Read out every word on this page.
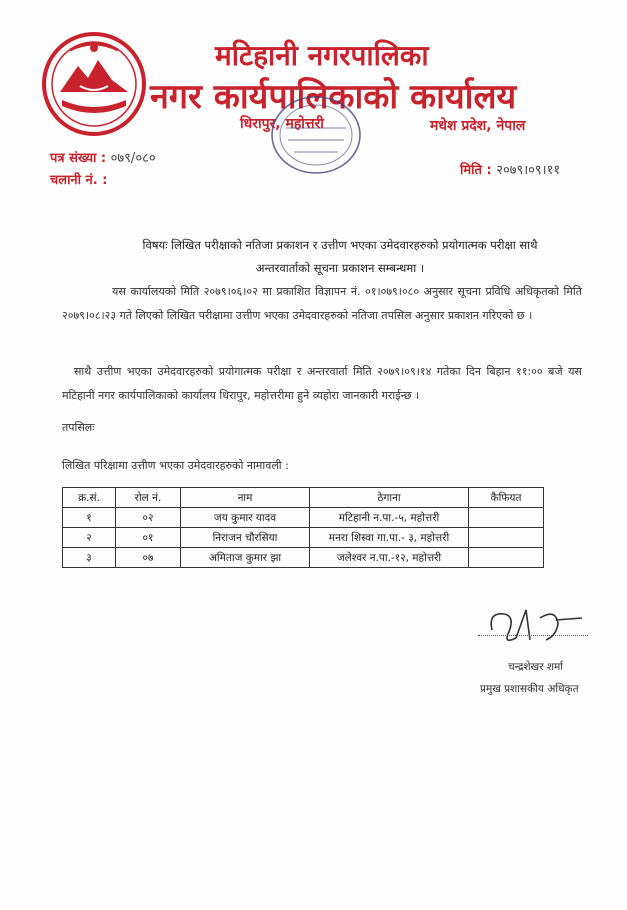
मटिहानी नगरपालिका
नगर कार्यपालिकाको कार्यालय
धिरापुर, महोत्तरी	मधेश प्रदेश, नेपाल
पत्र संख्या : ०७९/०८०
चलानी नं. :
मिति : २०७९।०९।११
विषयः लिखित परीक्षाको नतिजा प्रकाशन र उत्तीण भएका उमेदवारहरुको प्रयोगात्मक परीक्षा साथै
अन्तरवार्ताको सूचना प्रकाशन सम्बन्धमा ।
यस कार्यालयको मिति २०७९।०६।०२ मा प्रकाशित विज्ञापन नं. ०१।०७९।०८० अनुसार सूचना प्रविधि अधिकृतको मिति २०७९।०८।२३ गते लिएको लिखित परीक्षामा उत्तीण भएका उमेदवारहरुको नतिजा तपसिल अनुसार प्रकाशन गरिएको छ ।
साथै उत्तीण भएका उमेदवारहरुको प्रयोगात्मक परीक्षा र अन्तरवार्ता मिति २०७९।०९।१४ गतेका दिन बिहान ११:०० बजे यस मटिहानी नगर कार्यपालिकाको कार्यालय धिरापुर, महोत्तरीमा हुने व्यहोरा जानकारी गराईन्छ ।
तपसिलः
लिखित परिक्षामा उत्तीण भएका उमेदवारहरुको नामावली :
क्र.सं.	रोल नं.	नाम	ठेगाना	कैफियत
१	०२	जय कुमार यादव	मटिहानी न.पा.-५, महोत्तरी	
२	०१	निराजन चौरसिया	मनरा शिस्वा गा.पा.- ३, महोत्तरी	
३	०७	अमिताज कुमार झा	जलेश्वर न.पा.-१२, महोत्तरी	
चन्द्रशेखर शर्मा
प्रमुख प्रशासकीय अधिकृत
